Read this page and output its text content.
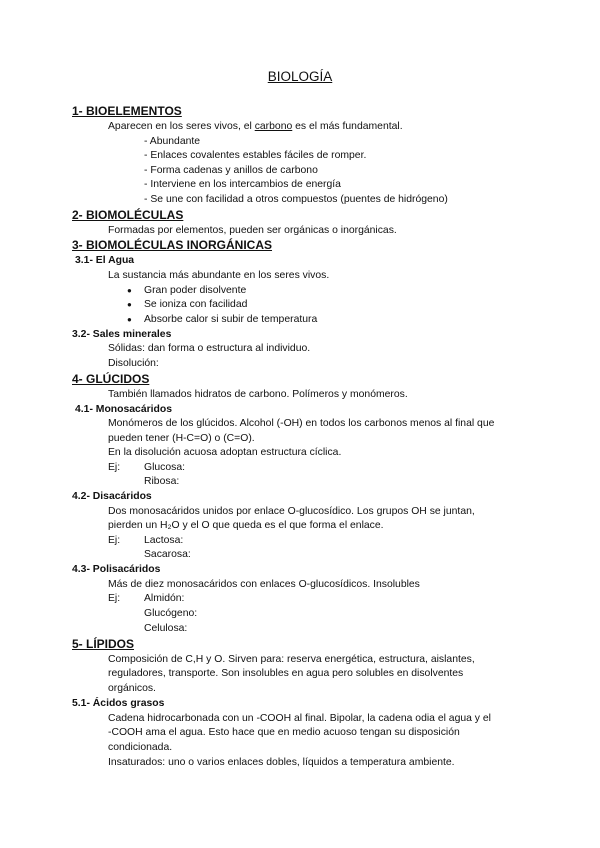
BIOLOGÍA
1- BIOELEMENTOS
Aparecen en los seres vivos, el carbono es el más fundamental.
- Abundante
- Enlaces covalentes estables fáciles de romper.
- Forma cadenas y anillos de carbono
- Interviene en los intercambios de energía
- Se une con facilidad a otros compuestos (puentes de hidrógeno)
2- BIOMOLÉCULAS
Formadas por elementos, pueden ser orgánicas o inorgánicas.
3- BIOMOLÉCULAS INORGÁNICAS
3.1- El Agua
La sustancia más abundante en los seres vivos.
● Gran poder disolvente
● Se ioniza con facilidad
● Absorbe calor si subir de temperatura
3.2- Sales minerales
Sólidas: dan forma o estructura al individuo.
Disolución:
4- GLÚCIDOS
También llamados hidratos de carbono. Polímeros y monómeros.
4.1- Monosacáridos
Monómeros de los glúcidos. Alcohol (-OH) en todos los carbonos menos al final que
pueden tener (H-C=O) o (C=O).
En la disolución acuosa adoptan estructura cíclica.
Ej: Glucosa:
Ribosa:
4.2- Disacáridos
Dos monosacáridos unidos por enlace O-glucosídico. Los grupos OH se juntan,
pierden un H₂O y el O que queda es el que forma el enlace.
Ej: Lactosa:
Sacarosa:
4.3- Polisacáridos
Más de diez monosacáridos con enlaces O-glucosídicos. Insolubles
Ej: Almidón:
Glucógeno:
Celulosa:
5- LÍPIDOS
Composición de C,H y O. Sirven para: reserva energética, estructura, aislantes,
reguladores, transporte. Son insolubles en agua pero solubles en disolventes
orgánicos.
5.1- Ácidos grasos
Cadena hidrocarbonada con un -COOH al final. Bipolar, la cadena odia el agua y el
-COOH ama el agua. Esto hace que en medio acuoso tengan su disposición
condicionada.
Insaturados: uno o varios enlaces dobles, líquidos a temperatura ambiente.
